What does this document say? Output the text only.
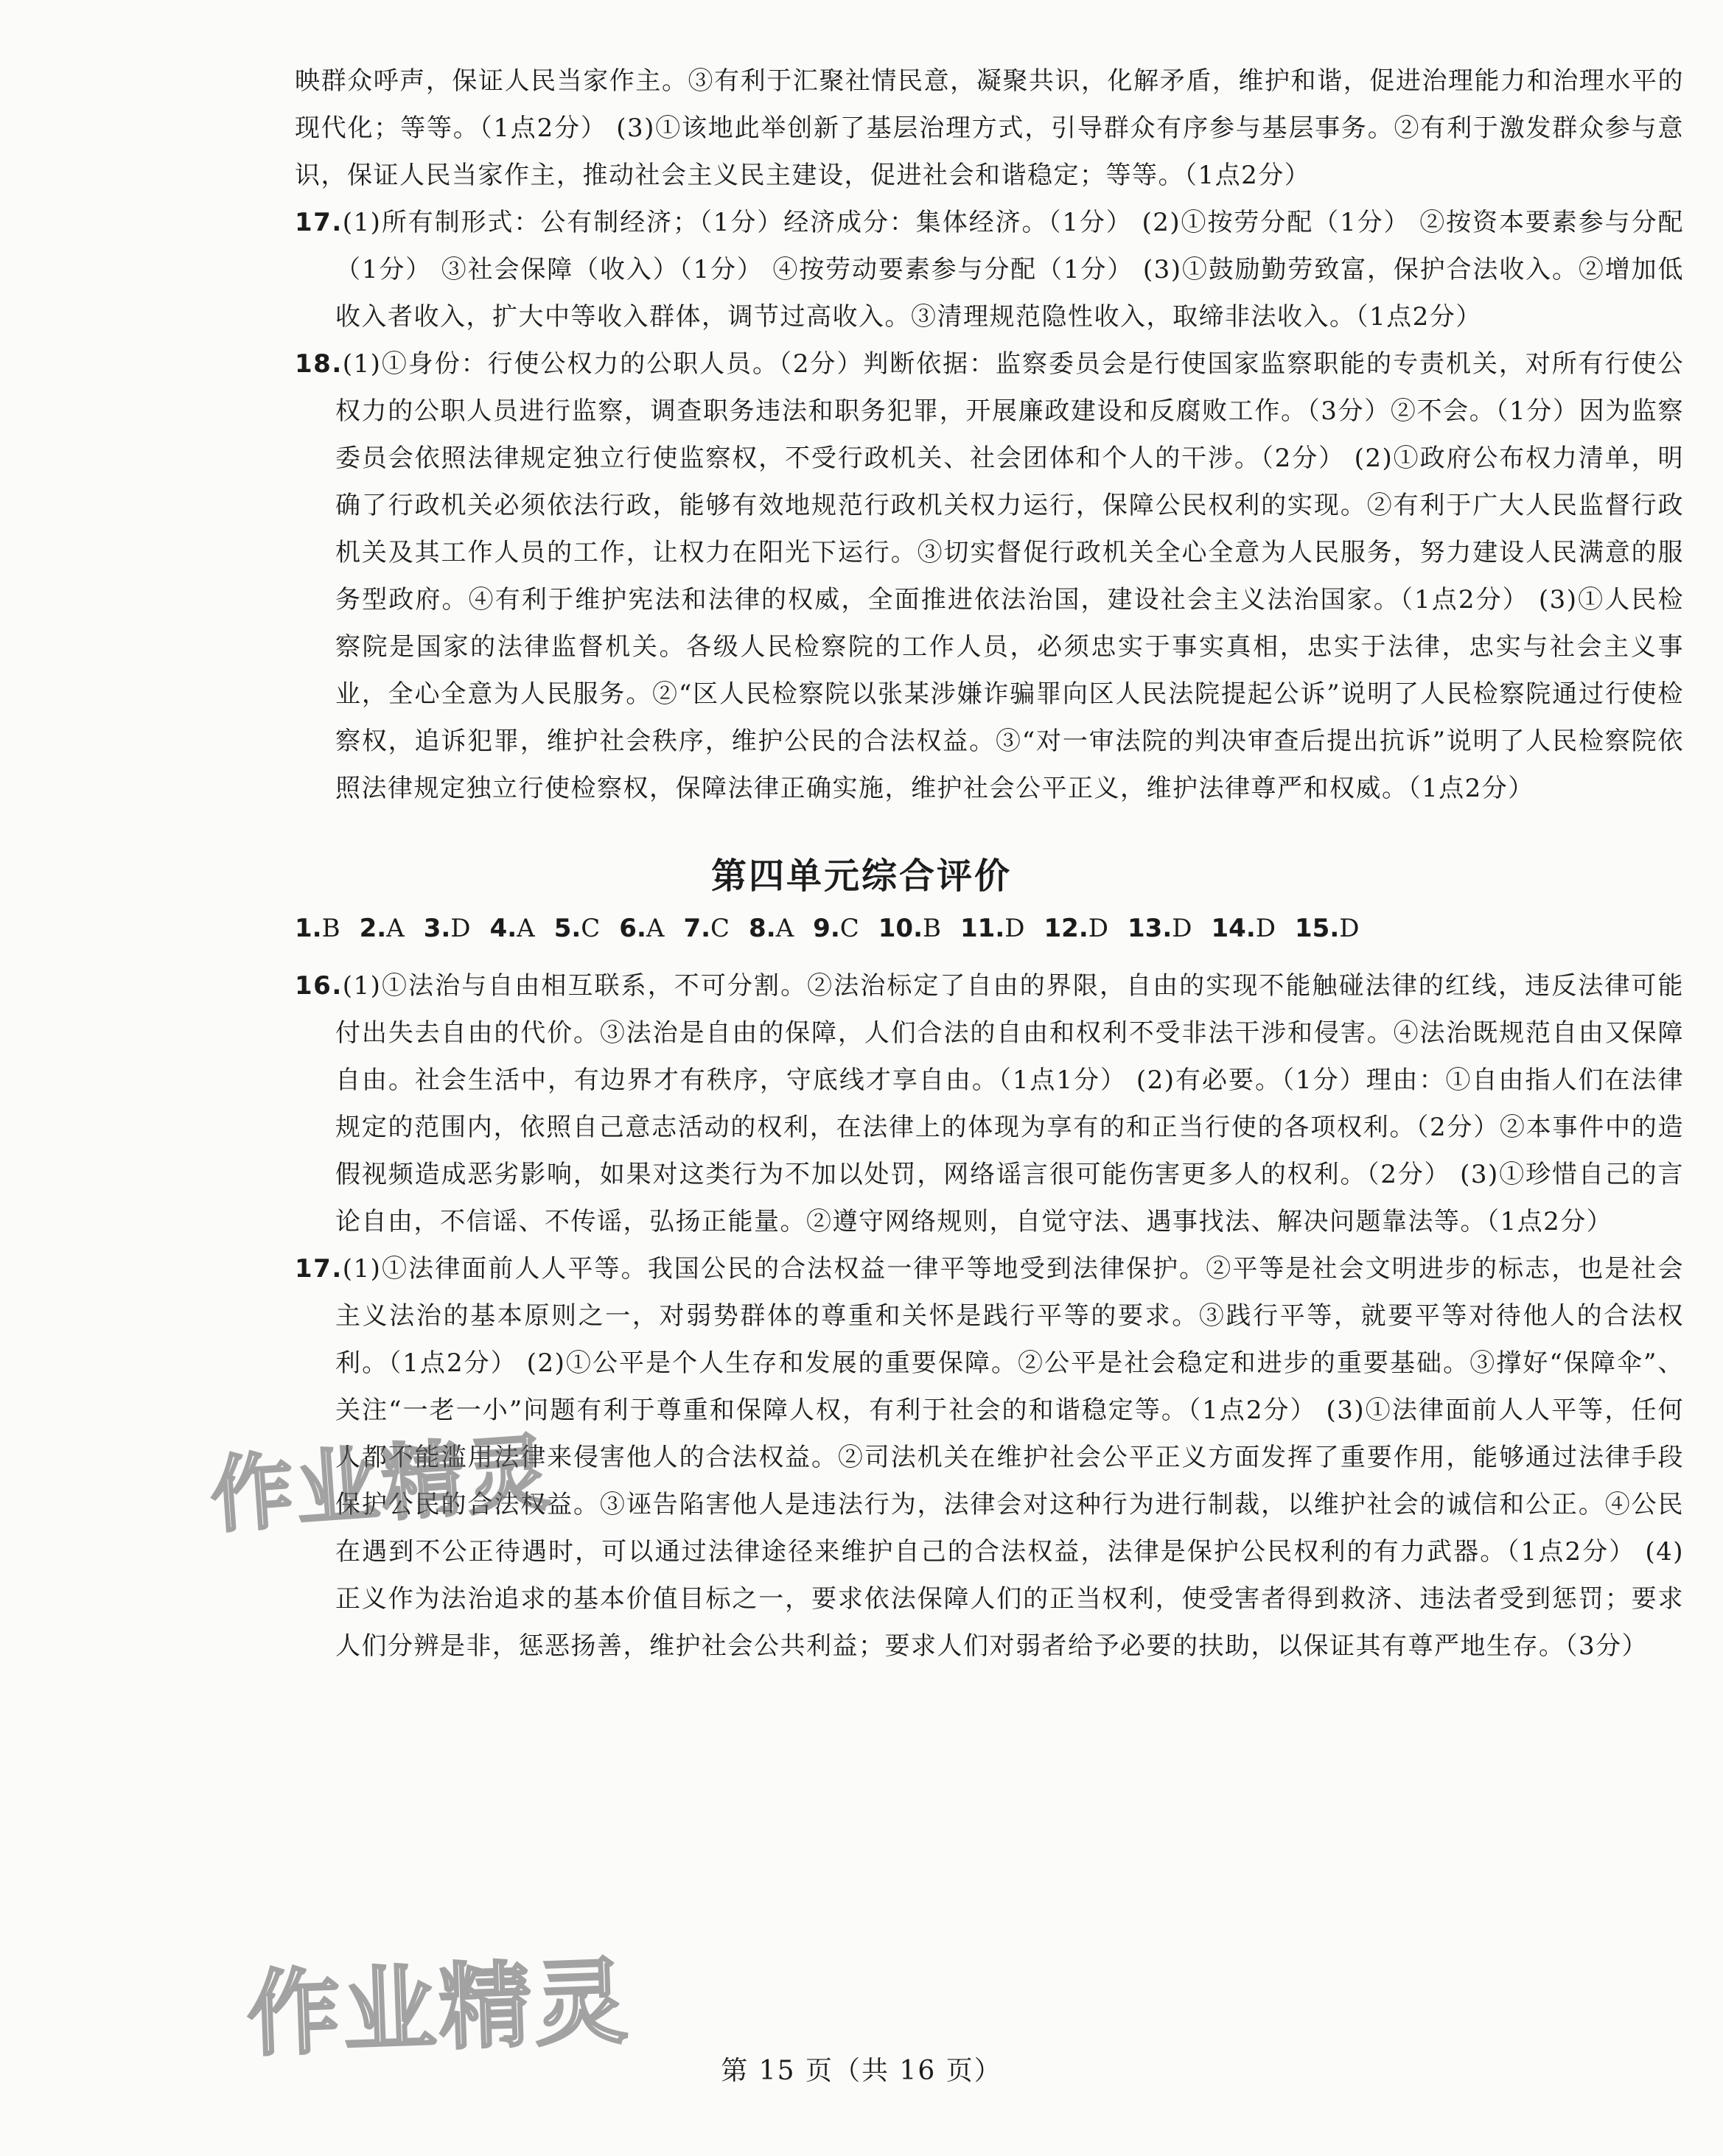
映群众呼声，保证人民当家作主。③有利于汇聚社情民意，凝聚共识，化解矛盾，维护和谐，促进治理能力和治理水平的现代化；等等。（1点2分） (3)①该地此举创新了基层治理方式，引导群众有序参与基层事务。②有利于激发群众参与意识，保证人民当家作主，推动社会主义民主建设，促进社会和谐稳定；等等。（1点2分）

17.(1)所有制形式：公有制经济；（1分）经济成分：集体经济。（1分） (2)①按劳分配（1分） ②按资本要素参与分配（1分） ③社会保障（收入）（1分） ④按劳动要素参与分配（1分） (3)①鼓励勤劳致富，保护合法收入。②增加低收入者收入，扩大中等收入群体，调节过高收入。③清理规范隐性收入，取缔非法收入。（1点2分）

18.(1)①身份：行使公权力的公职人员。（2分）判断依据：监察委员会是行使国家监察职能的专责机关，对所有行使公权力的公职人员进行监察，调查职务违法和职务犯罪，开展廉政建设和反腐败工作。（3分）②不会。（1分）因为监察委员会依照法律规定独立行使监察权，不受行政机关、社会团体和个人的干涉。（2分） (2)①政府公布权力清单，明确了行政机关必须依法行政，能够有效地规范行政机关权力运行，保障公民权利的实现。②有利于广大人民监督行政机关及其工作人员的工作，让权力在阳光下运行。③切实督促行政机关全心全意为人民服务，努力建设人民满意的服务型政府。④有利于维护宪法和法律的权威，全面推进依法治国，建设社会主义法治国家。（1点2分） (3)①人民检察院是国家的法律监督机关。各级人民检察院的工作人员，必须忠实于事实真相，忠实于法律，忠实与社会主义事业，全心全意为人民服务。②“区人民检察院以张某涉嫌诈骗罪向区人民法院提起公诉”说明了人民检察院通过行使检察权，追诉犯罪，维护社会秩序，维护公民的合法权益。③“对一审法院的判决审查后提出抗诉”说明了人民检察院依照法律规定独立行使检察权，保障法律正确实施，维护社会公平正义，维护法律尊严和权威。（1点2分）

第四单元综合评价
1.B 2.A 3.D 4.A 5.C 6.A 7.C 8.A 9.C 10.B 11.D 12.D 13.D 14.D 15.D

16.(1)①法治与自由相互联系，不可分割。②法治标定了自由的界限，自由的实现不能触碰法律的红线，违反法律可能付出失去自由的代价。③法治是自由的保障，人们合法的自由和权利不受非法干涉和侵害。④法治既规范自由又保障自由。社会生活中，有边界才有秩序，守底线才享自由。（1点1分） (2)有必要。（1分）理由：①自由指人们在法律规定的范围内，依照自己意志活动的权利，在法律上的体现为享有的和正当行使的各项权利。（2分）②本事件中的造假视频造成恶劣影响，如果对这类行为不加以处罚，网络谣言很可能伤害更多人的权利。（2分） (3)①珍惜自己的言论自由，不信谣、不传谣，弘扬正能量。②遵守网络规则，自觉守法、遇事找法、解决问题靠法等。（1点2分）

17.(1)①法律面前人人平等。我国公民的合法权益一律平等地受到法律保护。②平等是社会文明进步的标志，也是社会主义法治的基本原则之一，对弱势群体的尊重和关怀是践行平等的要求。③践行平等，就要平等对待他人的合法权利。（1点2分） (2)①公平是个人生存和发展的重要保障。②公平是社会稳定和进步的重要基础。③撑好“保障伞”、关注“一老一小”问题有利于尊重和保障人权，有利于社会的和谐稳定等。（1点2分） (3)①法律面前人人平等，任何人都不能滥用法律来侵害他人的合法权益。②司法机关在维护社会公平正义方面发挥了重要作用，能够通过法律手段保护公民的合法权益。③诬告陷害他人是违法行为，法律会对这种行为进行制裁，以维护社会的诚信和公正。④公民在遇到不公正待遇时，可以通过法律途径来维护自己的合法权益，法律是保护公民权利的有力武器。（1点2分） (4)正义作为法治追求的基本价值目标之一，要求依法保障人们的正当权利，使受害者得到救济、违法者受到惩罚；要求人们分辨是非，惩恶扬善，维护社会公共利益；要求人们对弱者给予必要的扶助，以保证其有尊严地生存。（3分）

作业精灵
作业精灵
第 15 页（共 16 页）
